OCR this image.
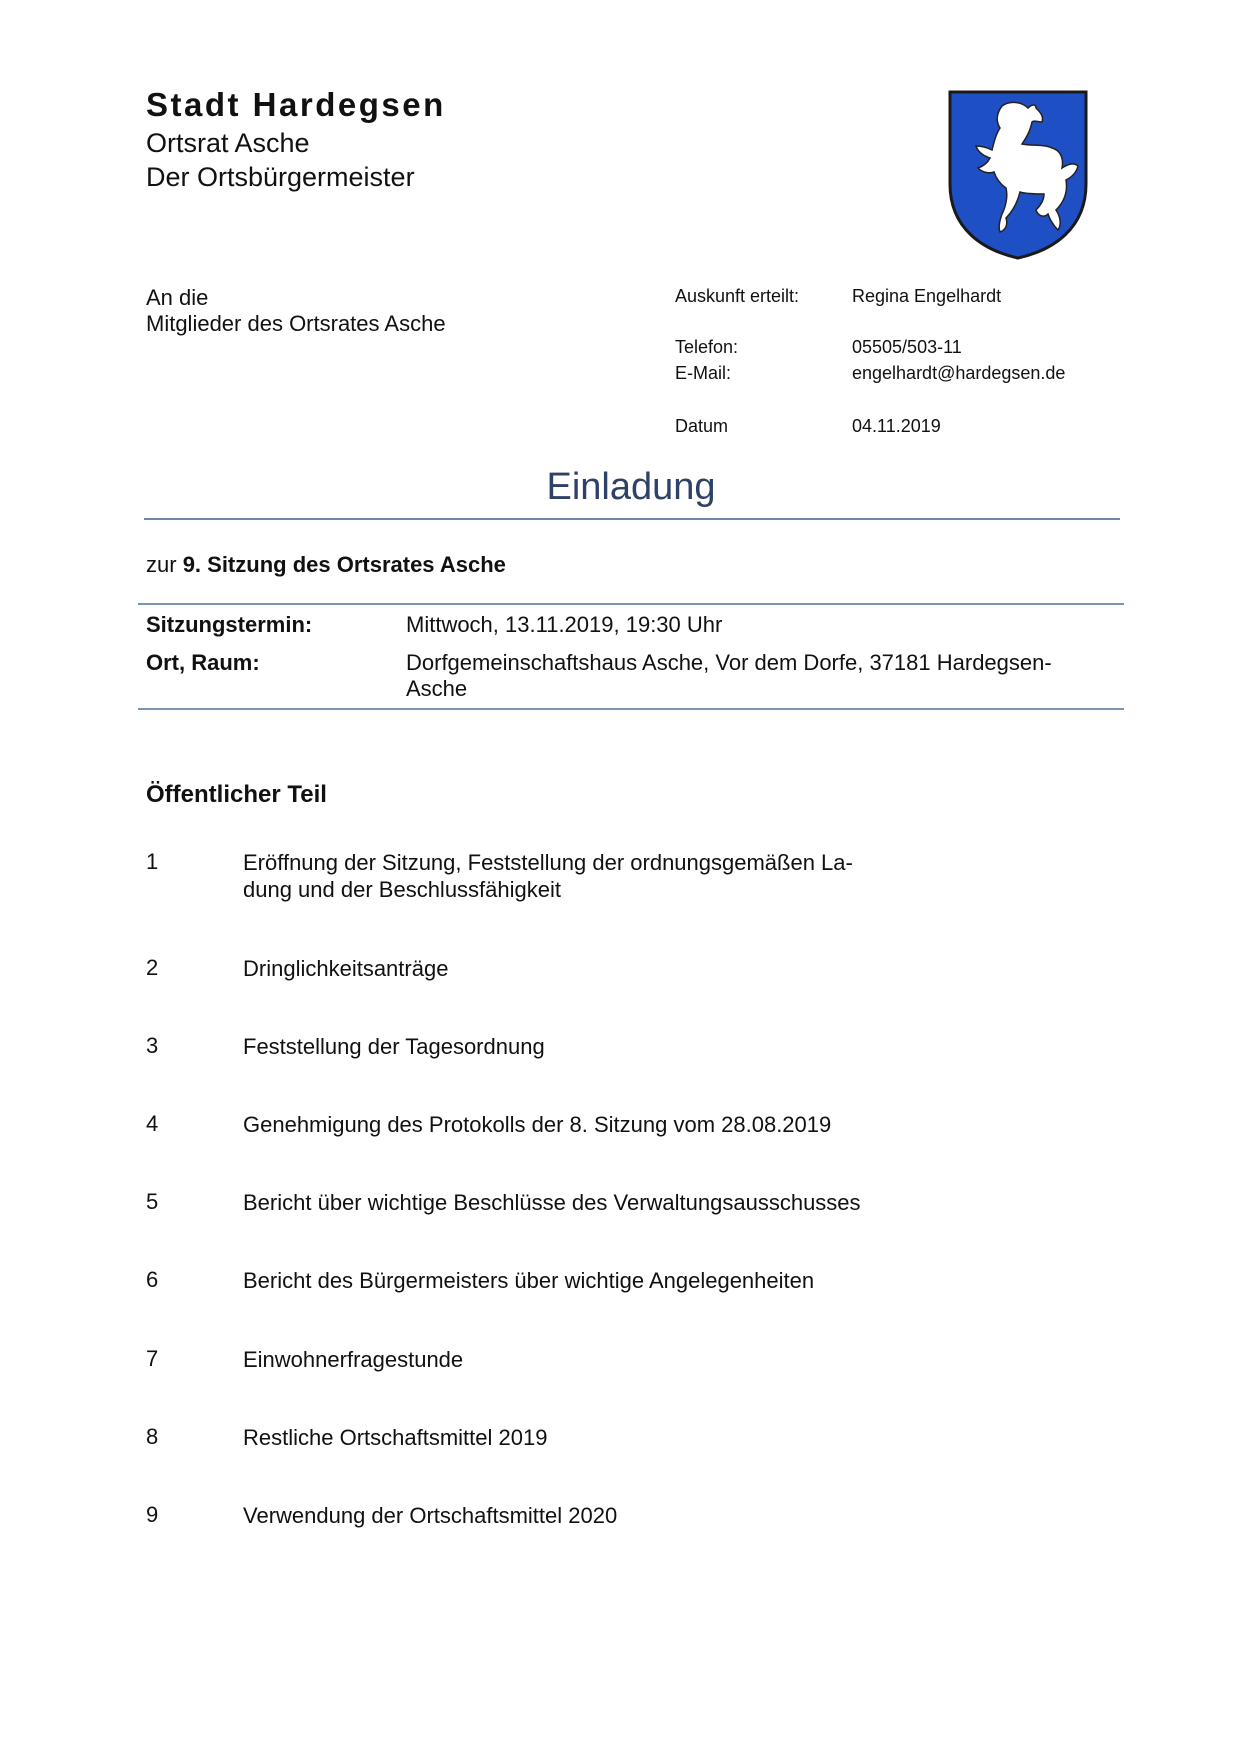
Stadt Hardegsen
Ortsrat Asche
Der Ortsbürgermeister
An die
Mitglieder des Ortsrates Asche
Auskunft erteilt:	Regina Engelhardt
Telefon:	05505/503-11
E-Mail:	engelhardt@hardegsen.de
Datum	04.11.2019
Einladung
zur 9. Sitzung des Ortsrates Asche
Sitzungstermin:	Mittwoch, 13.11.2019, 19:30 Uhr
Ort, Raum:	Dorfgemeinschaftshaus Asche, Vor dem Dorfe, 37181 Hardegsen-
Asche
Öffentlicher Teil
1	Eröffnung der Sitzung, Feststellung der ordnungsgemäßen La-
dung und der Beschlussfähigkeit
2	Dringlichkeitsanträge
3	Feststellung der Tagesordnung
4	Genehmigung des Protokolls der 8. Sitzung vom 28.08.2019
5	Bericht über wichtige Beschlüsse des Verwaltungsausschusses
6	Bericht des Bürgermeisters über wichtige Angelegenheiten
7	Einwohnerfragestunde
8	Restliche Ortschaftsmittel 2019
9	Verwendung der Ortschaftsmittel 2020
